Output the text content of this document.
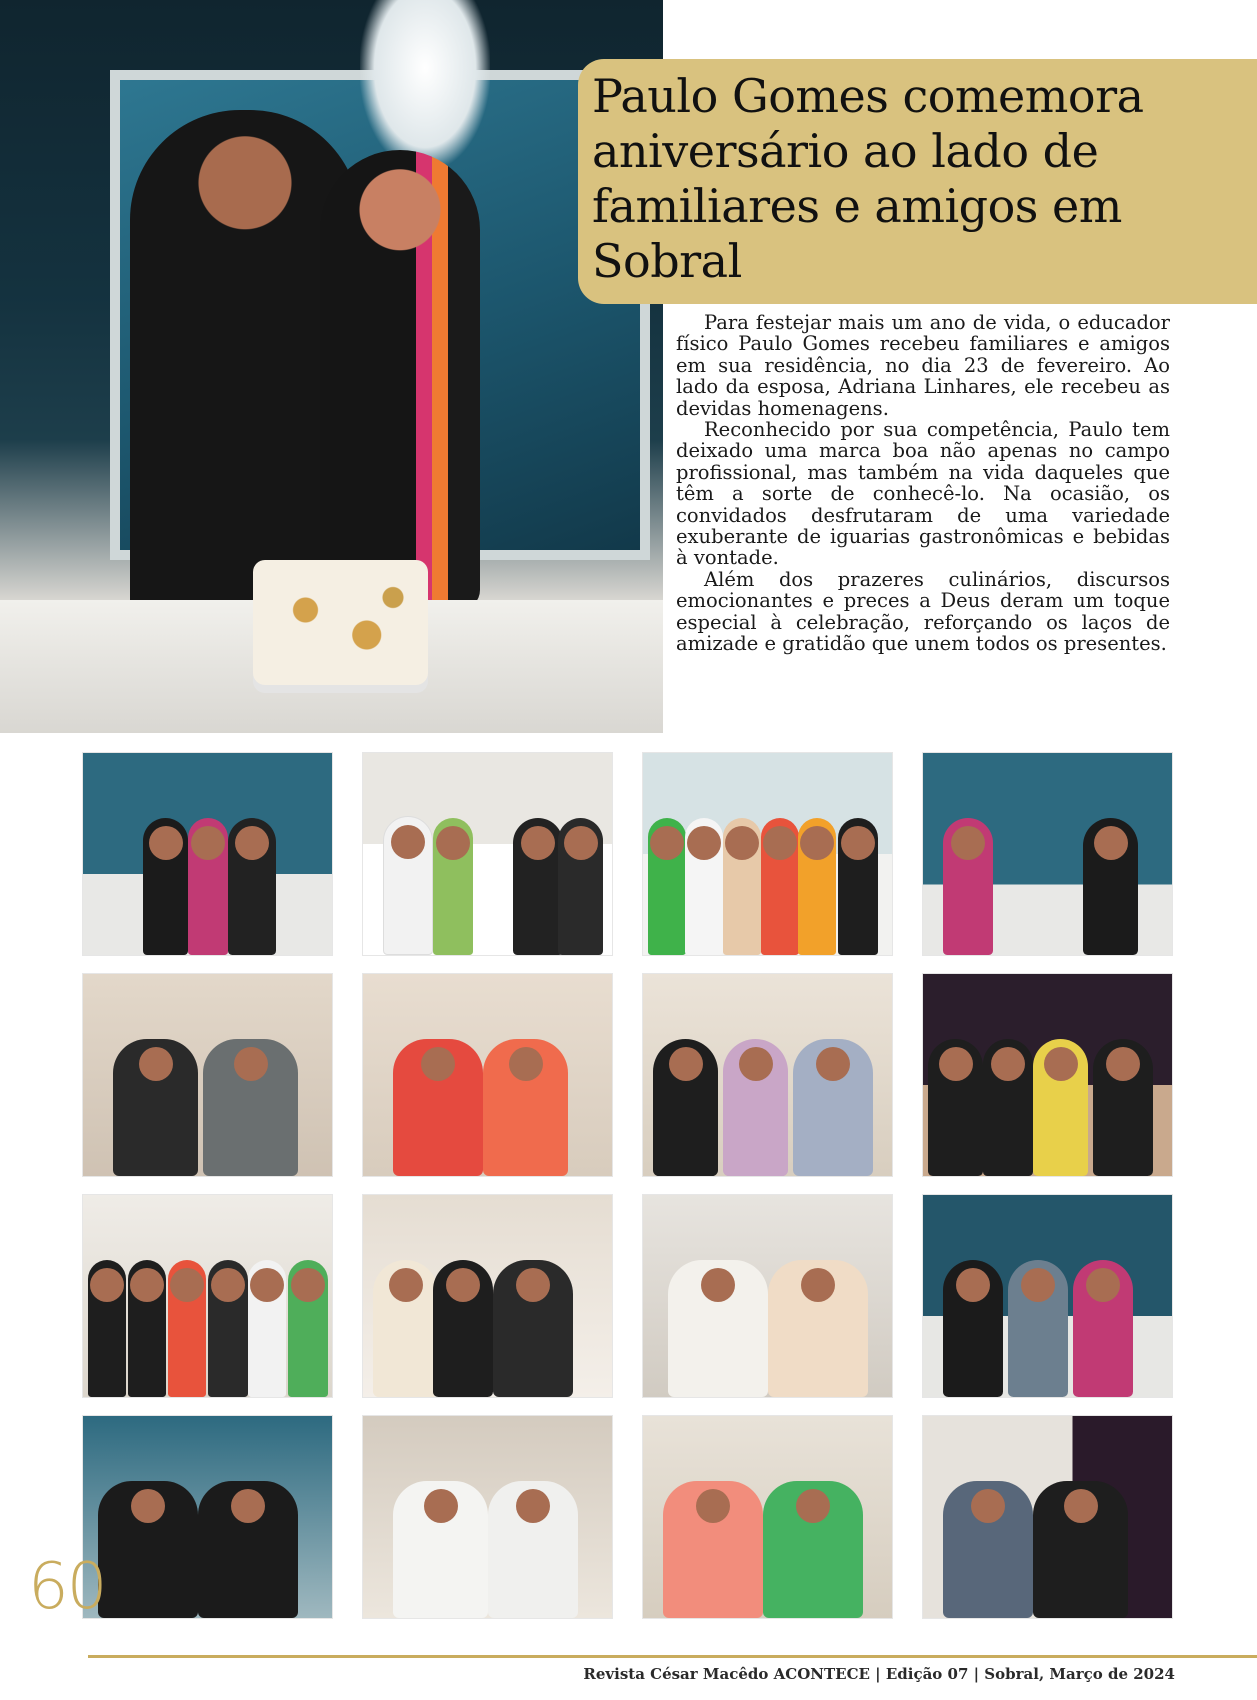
Paulo Gomes comemora aniversário ao lado de familiares e amigos em Sobral

Para festejar mais um ano de vida, o educador físico Paulo Gomes recebeu familiares e amigos em sua residência, no dia 23 de fevereiro. Ao lado da esposa, Adriana Linhares, ele recebeu as devidas homenagens.

Reconhecido por sua competência, Paulo tem deixado uma marca boa não apenas no campo profissional, mas também na vida daqueles que têm a sorte de conhecê-lo. Na ocasião, os convidados desfrutaram de uma variedade exuberante de iguarias gastronômicas e bebidas à vontade.

Além dos prazeres culinários, discursos emocionantes e preces a Deus deram um toque especial à celebração, reforçando os laços de amizade e gratidão que unem todos os presentes.

60
Revista César Macêdo ACONTECE | Edição 07 | Sobral, Março de 2024
